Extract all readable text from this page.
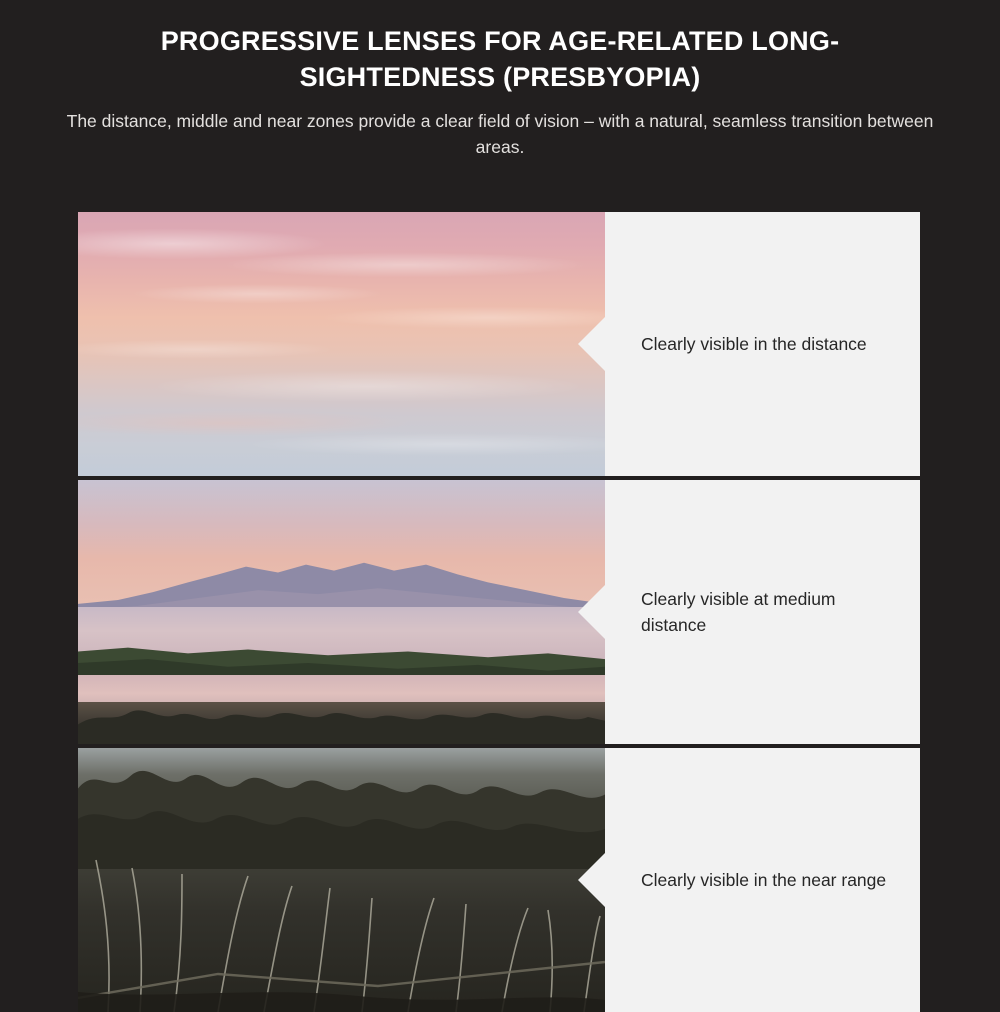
PROGRESSIVE LENSES FOR AGE-RELATED LONG-SIGHTEDNESS (PRESBYOPIA)

The distance, middle and near zones provide a clear field of vision – with a natural, seamless transition between areas.

Clearly visible in the distance
Clearly visible at medium distance
Clearly visible in the near range
